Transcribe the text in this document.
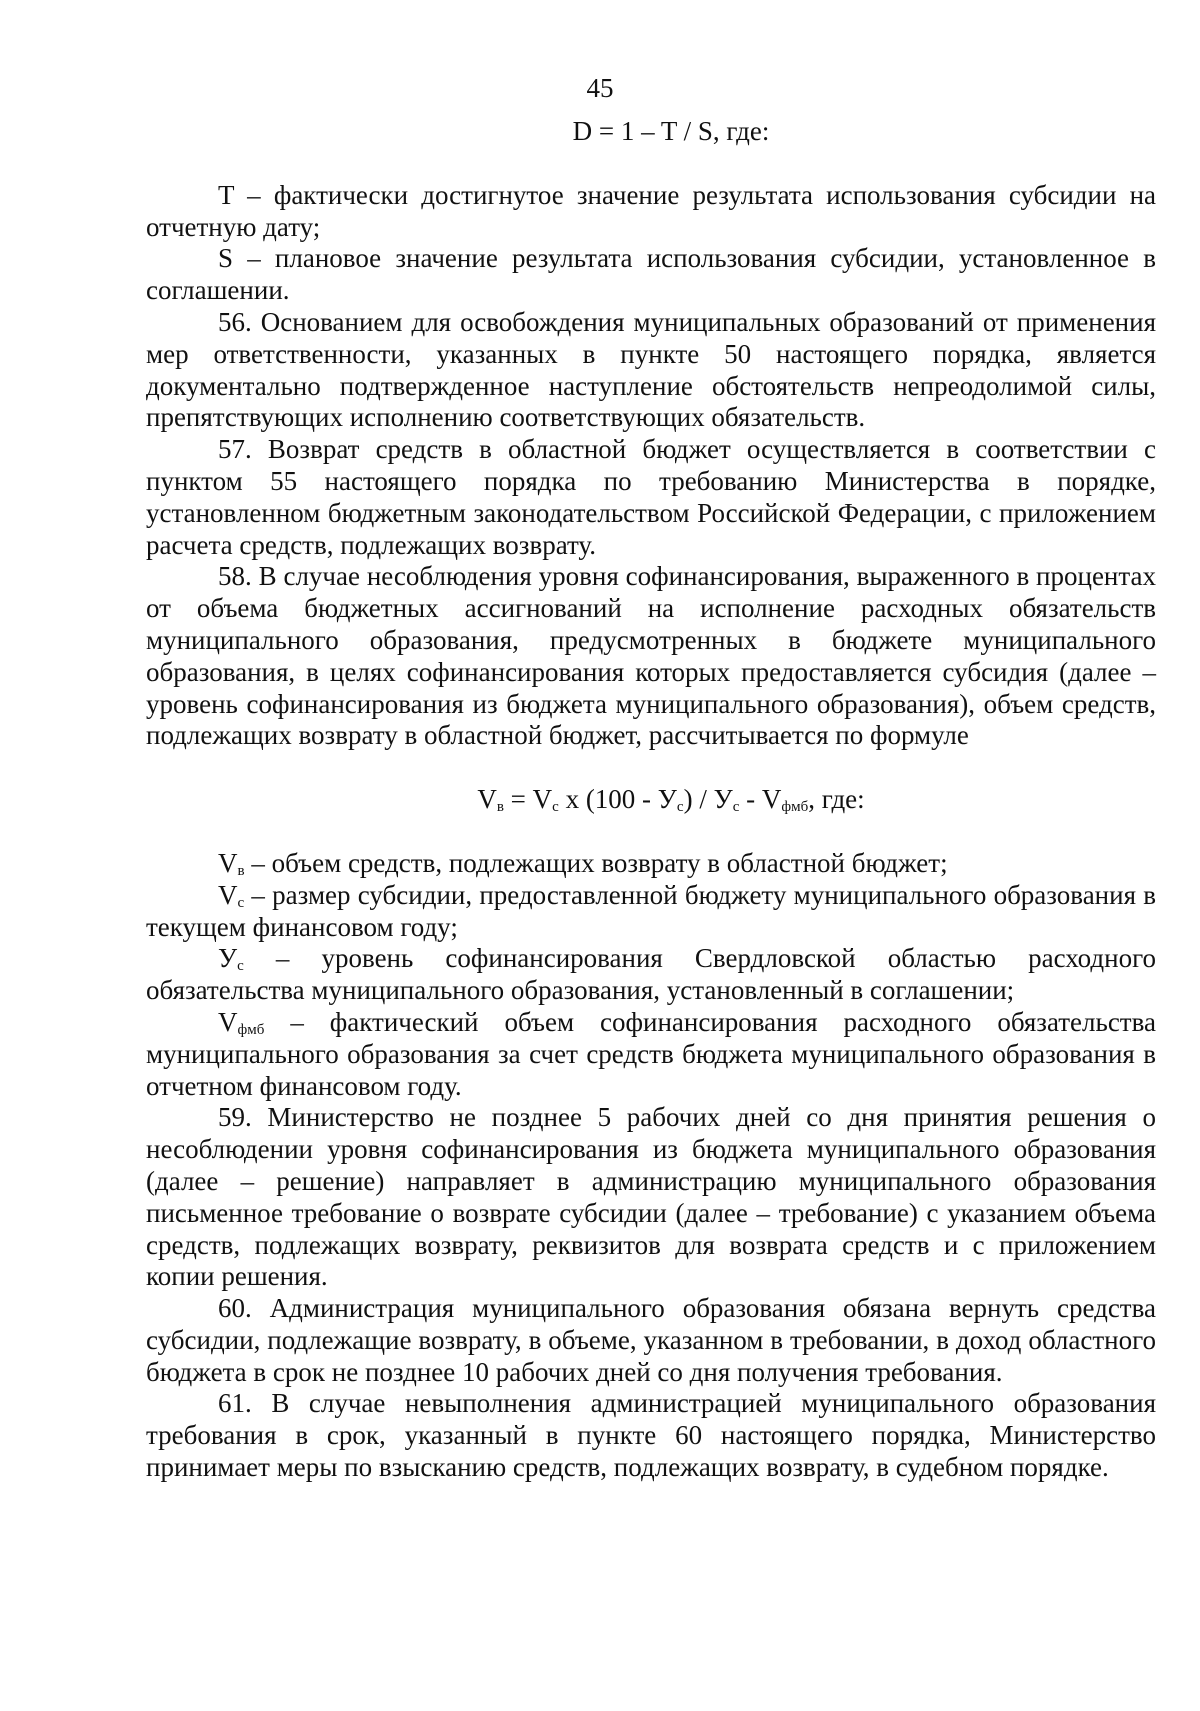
45
D = 1 – T / S, где:

T – фактически достигнутое значение результата использования субсидии на отчетную дату;

S – плановое значение результата использования субсидии, установленное в соглашении.

56. Основанием для освобождения муниципальных образований от применения мер ответственности, указанных в пункте 50 настоящего порядка, является документально подтвержденное наступление обстоятельств непреодолимой силы, препятствующих исполнению соответствующих обязательств.

57. Возврат средств в областной бюджет осуществляется в соответствии с пунктом 55 настоящего порядка по требованию Министерства в порядке, установленном бюджетным законодательством Российской Федерации, с приложением расчета средств, подлежащих возврату.

58. В случае несоблюдения уровня софинансирования, выраженного в процентах от объема бюджетных ассигнований на исполнение расходных обязательств муниципального образования, предусмотренных в бюджете муниципального образования, в целях софинансирования которых предоставляется субсидия (далее – уровень софинансирования из бюджета муниципального образования), объем средств, подлежащих возврату в областной бюджет, рассчитывается по формуле

$V_в = V_с$ х $(100 - У_с) / У_с - V_{фмб}$, где:

$V_в$ – объем средств, подлежащих возврату в областной бюджет;

$V_с$ – размер субсидии, предоставленной бюджету муниципального образования в текущем финансовом году;

$У_с$ – уровень софинансирования Свердловской областью расходного обязательства муниципального образования, установленный в соглашении;

$V_{фмб}$ – фактический объем софинансирования расходного обязательства муниципального образования за счет средств бюджета муниципального образования в отчетном финансовом году.

59. Министерство не позднее 5 рабочих дней со дня принятия решения о несоблюдении уровня софинансирования из бюджета муниципального образования (далее – решение) направляет в администрацию муниципального образования письменное требование о возврате субсидии (далее – требование) с указанием объема средств, подлежащих возврату, реквизитов для возврата средств и с приложением копии решения.

60. Администрация муниципального образования обязана вернуть средства субсидии, подлежащие возврату, в объеме, указанном в требовании, в доход областного бюджета в срок не позднее 10 рабочих дней со дня получения требования.

61. В случае невыполнения администрацией муниципального образования требования в срок, указанный в пункте 60 настоящего порядка, Министерство принимает меры по взысканию средств, подлежащих возврату, в судебном порядке.
